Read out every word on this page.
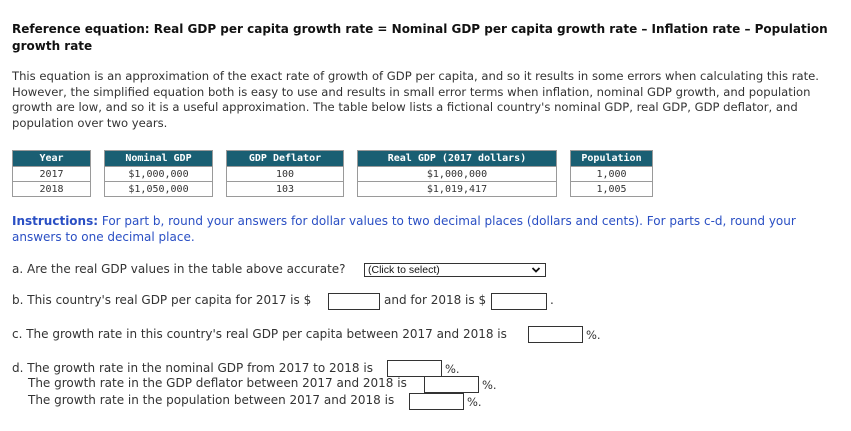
Reference equation: Real GDP per capita growth rate = Nominal GDP per capita growth rate – Inflation rate – Population growth rate
This equation is an approximation of the exact rate of growth of GDP per capita, and so it results in some errors when calculating this rate. However, the simplified equation both is easy to use and results in small error terms when inflation, nominal GDP growth, and population growth are low, and so it is a useful approximation. The table below lists a fictional country's nominal GDP, real GDP, GDP deflator, and population over two years.
Year		Nominal GDP		GDP Deflator		Real GDP (2017 dollars)		Population
2017		$1,000,000		100		$1,000,000		1,000
2018		$1,050,000		103		$1,019,417		1,005
Instructions: For part b, round your answers for dollar values to two decimal places (dollars and cents). For parts c-d, round your answers to one decimal place.
a. Are the real GDP values in the table above accurate?	(Click to select)
b. This country's real GDP per capita for 2017 is $	and for 2018 is $	.
c. The growth rate in this country's real GDP per capita between 2017 and 2018 is	%.
d. The growth rate in the nominal GDP from 2017 to 2018 is	%.
The growth rate in the GDP deflator between 2017 and 2018 is	%.
The growth rate in the population between 2017 and 2018 is	%.
